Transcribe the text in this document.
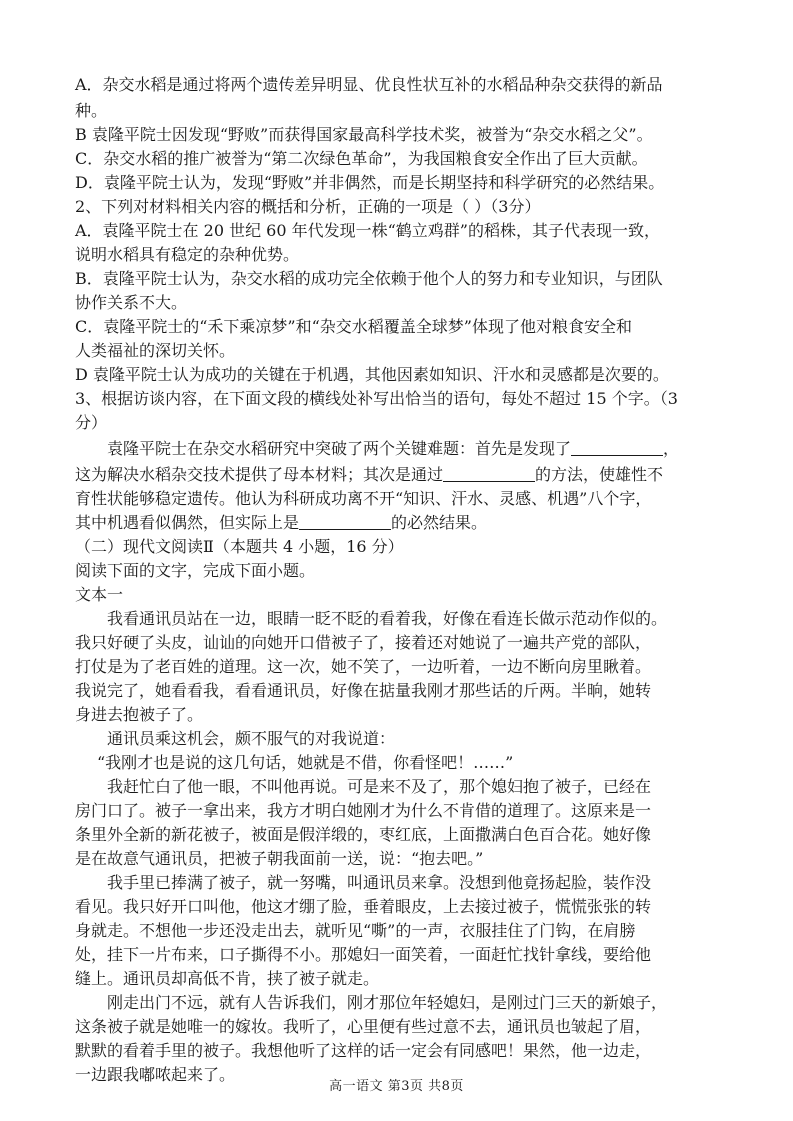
A．杂交水稻是通过将两个遗传差异明显、优良性状互补的水稻品种杂交获得的新品
种。
B 袁隆平院士因发现“野败”而获得国家最高科学技术奖，被誉为“杂交水稻之父”。
C．杂交水稻的推广被誉为“第二次绿色革命”，为我国粮食安全作出了巨大贡献。
D．袁隆平院士认为，发现“野败”并非偶然，而是长期坚持和科学研究的必然结果。
2、下列对材料相关内容的概括和分析，正确的一项是（ ）（3分）
A．袁隆平院士在 20 世纪 60 年代发现一株“鹤立鸡群”的稻株，其子代表现一致，
说明水稻具有稳定的杂种优势。
B．袁隆平院士认为，杂交水稻的成功完全依赖于他个人的努力和专业知识，与团队
协作关系不大。
C．袁隆平院士的“禾下乘凉梦”和“杂交水稻覆盖全球梦”体现了他对粮食安全和
人类福祉的深切关怀。
D 袁隆平院士认为成功的关键在于机遇，其他因素如知识、汗水和灵感都是次要的。
3、根据访谈内容，在下面文段的横线处补写出恰当的语句，每处不超过 15 个字。（3
分）
袁隆平院士在杂交水稻研究中突破了两个关键难题：首先是发现了	，
这为解决水稻杂交技术提供了母本材料；其次是通过	的方法，使雄性不
育性状能够稳定遗传。他认为科研成功离不开“知识、汗水、灵感、机遇”八个字，
其中机遇看似偶然，但实际上是	的必然结果。
（二）现代文阅读Ⅱ（本题共 4 小题，16 分）
阅读下面的文字，完成下面小题。
文本一
我看通讯员站在一边，眼睛一眨不眨的看着我，好像在看连长做示范动作似的。
我只好硬了头皮，讪讪的向她开口借被子了，接着还对她说了一遍共产党的部队，
打仗是为了老百姓的道理。这一次，她不笑了，一边听着，一边不断向房里瞅着。
我说完了，她看看我，看看通讯员，好像在掂量我刚才那些话的斤两。半晌，她转
身进去抱被子了。
通讯员乘这机会，颇不服气的对我说道：
“我刚才也是说的这几句话，她就是不借，你看怪吧！……”
我赶忙白了他一眼，不叫他再说。可是来不及了，那个媳妇抱了被子，已经在
房门口了。被子一拿出来，我方才明白她刚才为什么不肯借的道理了。这原来是一
条里外全新的新花被子，被面是假洋缎的，枣红底，上面撒满白色百合花。她好像
是在故意气通讯员，把被子朝我面前一送，说：“抱去吧。”
我手里已捧满了被子，就一努嘴，叫通讯员来拿。没想到他竟扬起脸，装作没
看见。我只好开口叫他，他这才绷了脸，垂着眼皮，上去接过被子，慌慌张张的转
身就走。不想他一步还没走出去，就听见“嘶”的一声，衣服挂住了门钩，在肩膀
处，挂下一片布来，口子撕得不小。那媳妇一面笑着，一面赶忙找针拿线，要给他
缝上。通讯员却高低不肯，挟了被子就走。
刚走出门不远，就有人告诉我们，刚才那位年轻媳妇，是刚过门三天的新娘子，
这条被子就是她唯一的嫁妆。我听了，心里便有些过意不去，通讯员也皱起了眉，
默默的看着手里的被子。我想他听了这样的话一定会有同感吧！果然，他一边走，
一边跟我嘟哝起来了。
高一语文 第3页 共8页
